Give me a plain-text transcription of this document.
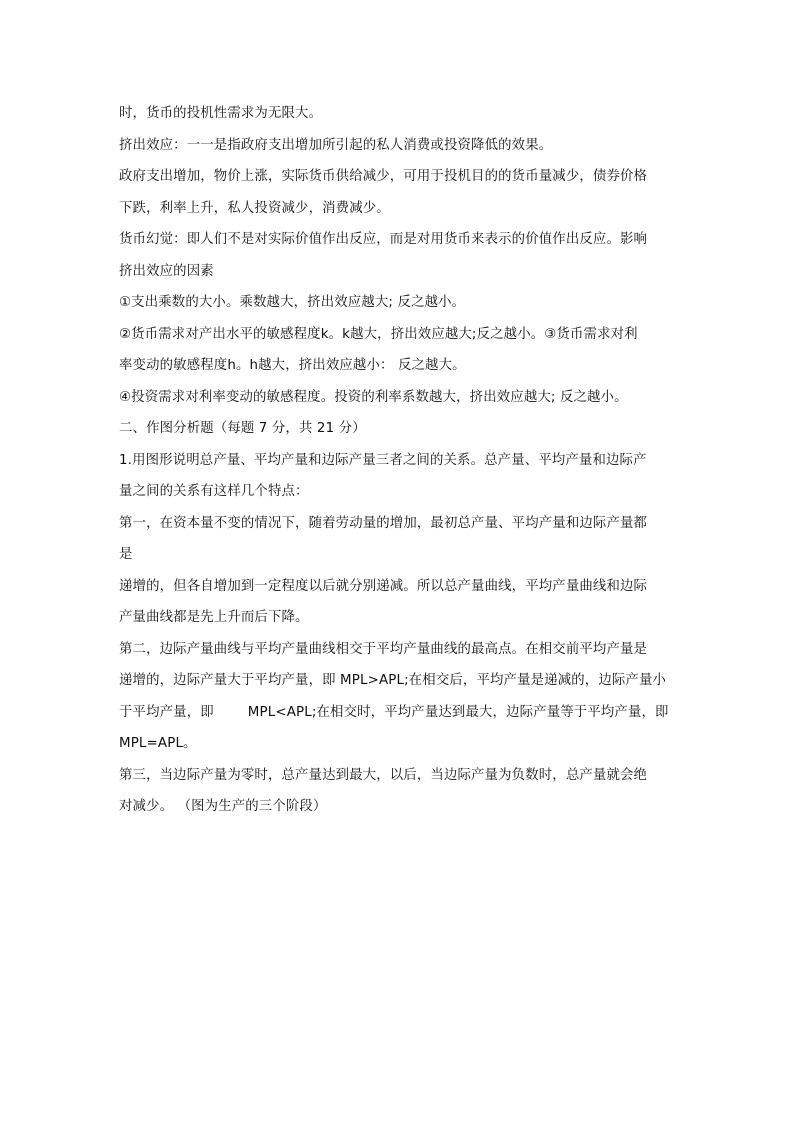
时，货币的投机性需求为无限大。
挤出效应：一一是指政府支出增加所引起的私人消费或投资降低的效果。
政府支出增加，物价上涨，实际货币供给减少，可用于投机目的的货币量减少，债券价格
下跌，利率上升，私人投资减少，消费减少。
货币幻觉：即人们不是对实际价值作出反应，而是对用货币来表示的价值作出反应。影响
挤出效应的因素
①支出乘数的大小。乘数越大，挤出效应越大; 反之越小。
②货币需求对产出水平的敏感程度k。k越大，挤出效应越大;反之越小。③货币需求对利
率变动的敏感程度h。h越大，挤出效应越小： 反之越大。
④投资需求对利率变动的敏感程度。投资的利率系数越大，挤出效应越大; 反之越小。
二、作图分析题（每题 7 分，共 21 分）
1.用图形说明总产量、平均产量和边际产量三者之间的关系。总产量、平均产量和边际产
量之间的关系有这样几个特点：
第一，在资本量不变的情况下，随着劳动量的增加，最初总产量、平均产量和边际产量都
是
递增的，但各自增加到一定程度以后就分别递减。所以总产量曲线，平均产量曲线和边际
产量曲线都是先上升而后下降。
第二，边际产量曲线与平均产量曲线相交于平均产量曲线的最高点。在相交前平均产量是
递增的，边际产量大于平均产量，即 MPL>APL;在相交后，平均产量是递减的，边际产量小
于平均产量，即	MPL<APL;在相交时，平均产量达到最大，边际产量等于平均产量，即
MPL=APL。
第三，当边际产量为零时，总产量达到最大，以后，当边际产量为负数时，总产量就会绝
对减少。 （图为生产的三个阶段）
